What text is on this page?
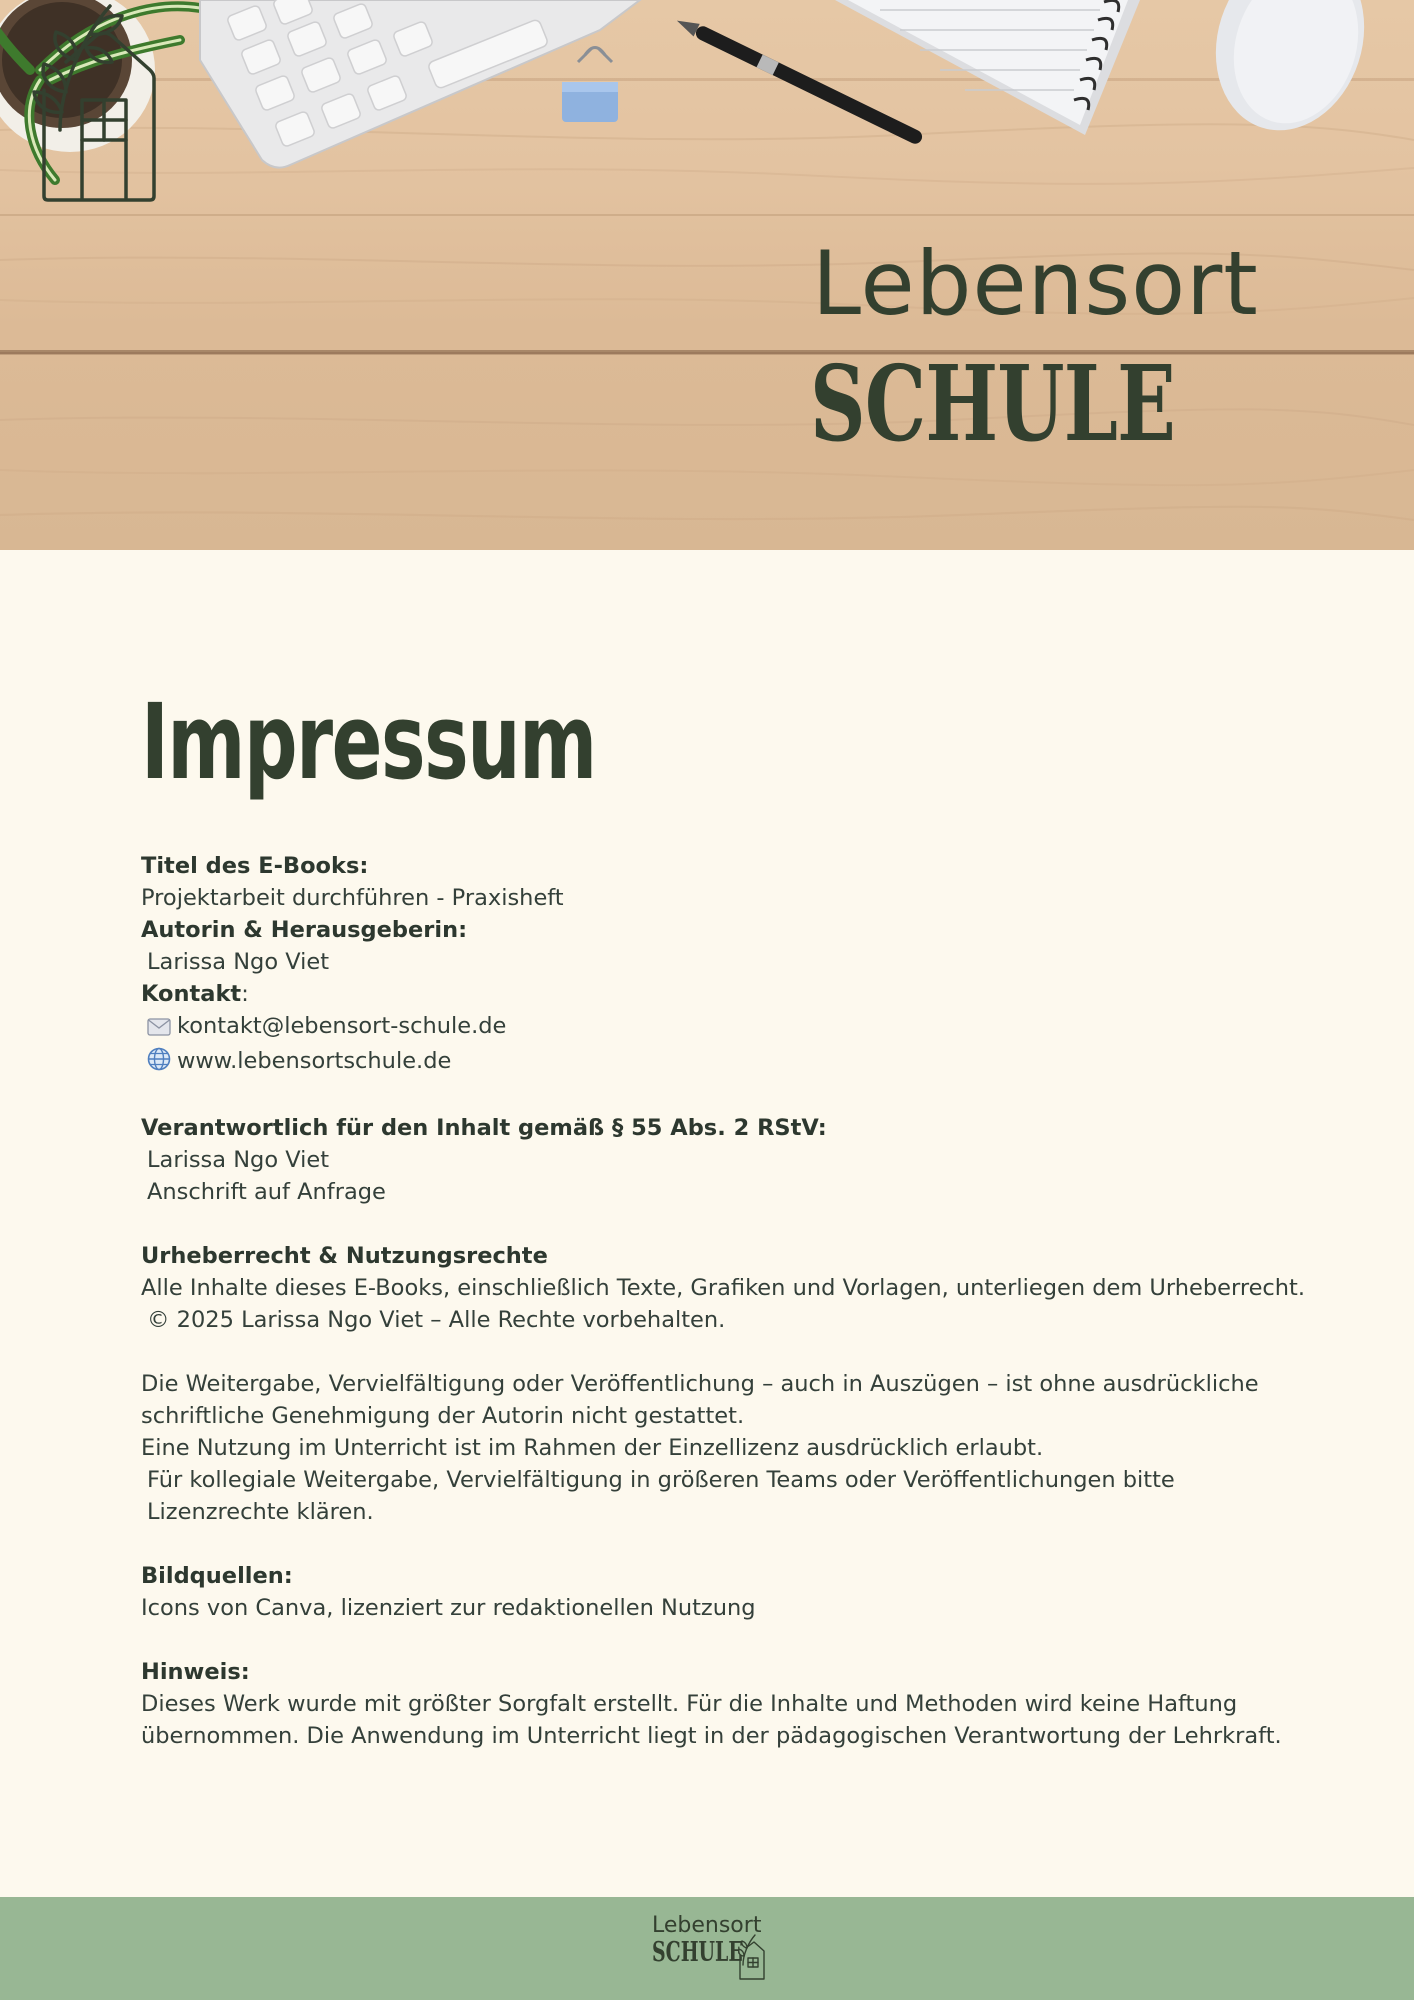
Lebensort
SCHULE
Impressum
Titel des E-Books:
Projektarbeit durchführen - Praxisheft
Autorin & Herausgeberin:
Larissa Ngo Viet
Kontakt:
kontakt@lebensort-schule.de
www.lebensortschule.de
Verantwortlich für den Inhalt gemäß § 55 Abs. 2 RStV:
Larissa Ngo Viet
Anschrift auf Anfrage
Urheberrecht & Nutzungsrechte
Alle Inhalte dieses E-Books, einschließlich Texte, Grafiken und Vorlagen, unterliegen dem Urheberrecht.
© 2025 Larissa Ngo Viet – Alle Rechte vorbehalten.
Die Weitergabe, Vervielfältigung oder Veröffentlichung – auch in Auszügen – ist ohne ausdrückliche schriftliche Genehmigung der Autorin nicht gestattet.
Eine Nutzung im Unterricht ist im Rahmen der Einzellizenz ausdrücklich erlaubt.
Für kollegiale Weitergabe, Vervielfältigung in größeren Teams oder Veröffentlichungen bitte Lizenzrechte klären.
Bildquellen:
Icons von Canva, lizenziert zur redaktionellen Nutzung
Hinweis:
Dieses Werk wurde mit größter Sorgfalt erstellt. Für die Inhalte und Methoden wird keine Haftung übernommen. Die Anwendung im Unterricht liegt in der pädagogischen Verantwortung der Lehrkraft.
Lebensort
SCHULE
